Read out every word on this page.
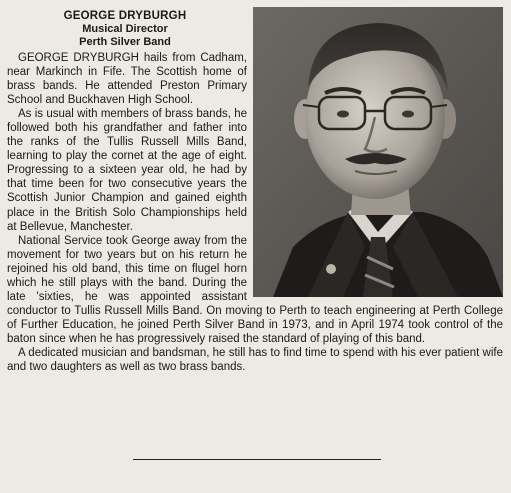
GEORGE DRYBURGH
Musical Director
Perth Silver Band

GEORGE DRYBURGH hails from Cadham, near Markinch in Fife. The Scottish home of brass bands. He attended Preston Primary School and Buckhaven High School.

As is usual with members of brass bands, he followed both his grandfather and father into the ranks of the Tullis Russell Mills Band, learning to play the cornet at the age of eight. Progressing to a sixteen year old, he had by that time been for two consecutive years the Scottish Junior Champion and gained eighth place in the British Solo Championships held at Bellevue, Manchester.

National Service took George away from the movement for two years but on his return he rejoined his old band, this time on flugel horn which he still plays with the band. During the late 'sixties, he was appointed assistant conductor to Tullis Russell Mills Band. On moving to Perth to teach engineering at Perth College of Further Education, he joined Perth Silver Band in 1973, and in April 1974 took control of the baton since when he has progressively raised the standard of playing of this band.

A dedicated musician and bandsman, he still has to find time to spend with his ever patient wife and two daughters as well as two brass bands.
